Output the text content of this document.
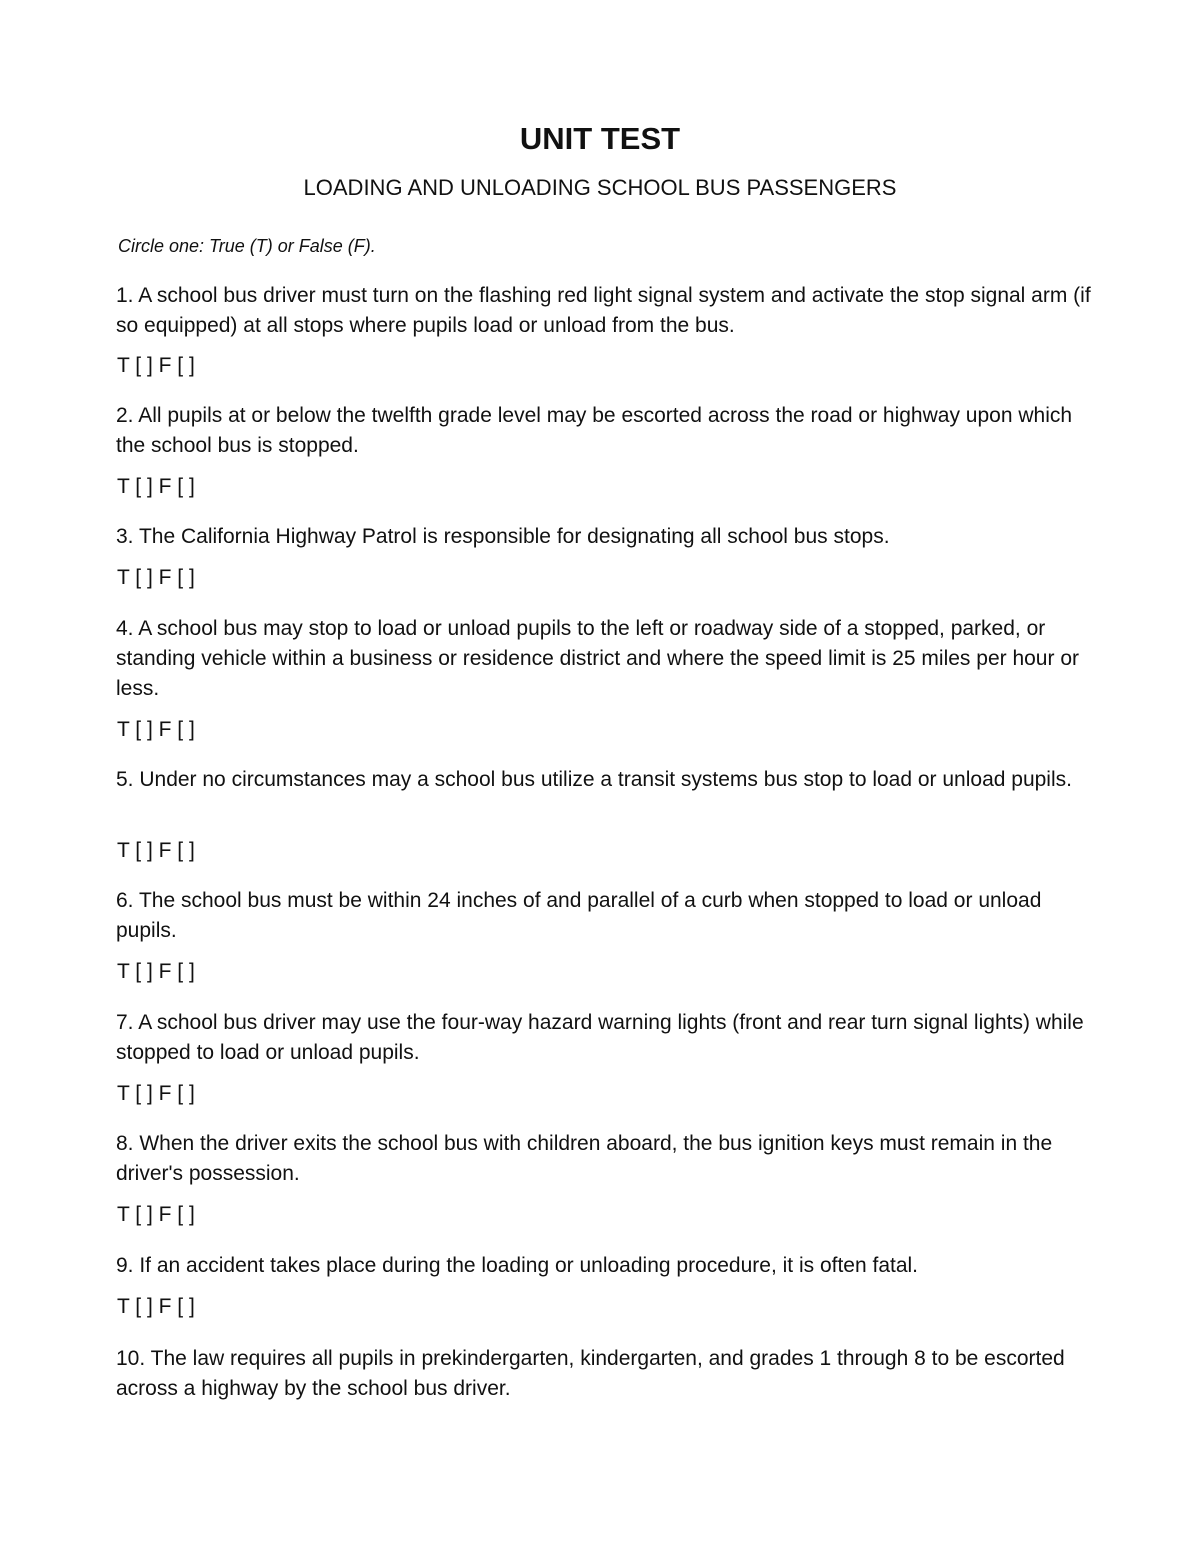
UNIT TEST
LOADING AND UNLOADING SCHOOL BUS PASSENGERS
Circle one: True (T) or False (F).
1. A school bus driver must turn on the flashing red light signal system and activate the stop signal arm (if so equipped) at all stops where pupils load or unload from the bus.
T [ ] F [ ]
2. All pupils at or below the twelfth grade level may be escorted across the road or highway upon which the school bus is stopped.
T [ ] F [ ]
3. The California Highway Patrol is responsible for designating all school bus stops.
T [ ] F [ ]
4. A school bus may stop to load or unload pupils to the left or roadway side of a stopped, parked, or standing vehicle within a business or residence district and where the speed limit is 25 miles per hour or less.
T [ ] F [ ]
5. Under no circumstances may a school bus utilize a transit systems bus stop to load or unload pupils.
T [ ] F [ ]
6. The school bus must be within 24 inches of and parallel of a curb when stopped to load or unload pupils.
T [ ] F [ ]
7. A school bus driver may use the four-way hazard warning lights (front and rear turn signal lights) while stopped to load or unload pupils.
T [ ] F [ ]
8. When the driver exits the school bus with children aboard, the bus ignition keys must remain in the driver's possession.
T [ ] F [ ]
9. If an accident takes place during the loading or unloading procedure, it is often fatal.
T [ ] F [ ]
10. The law requires all pupils in prekindergarten, kindergarten, and grades 1 through 8 to be escorted across a highway by the school bus driver.
